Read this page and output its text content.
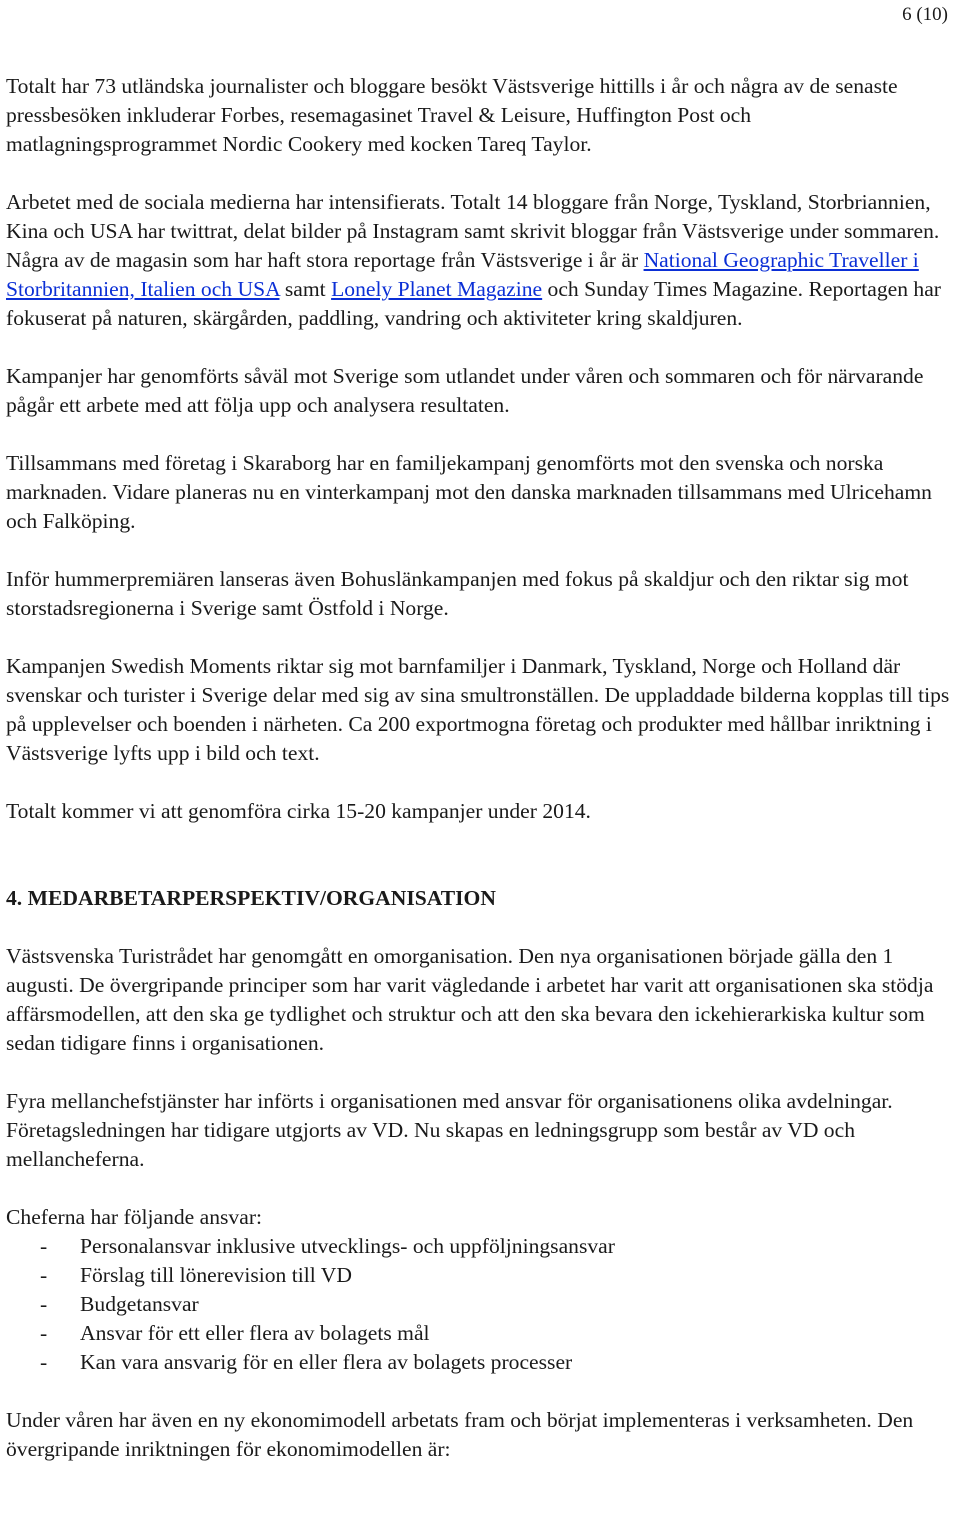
6 (10)

Totalt har 73 utländska journalister och bloggare besökt Västsverige hittills i år och några av de senaste pressbesöken inkluderar Forbes, resemagasinet Travel & Leisure, Huffington Post och matlagningsprogrammet Nordic Cookery med kocken Tareq Taylor.

Arbetet med de sociala medierna har intensifierats. Totalt 14 bloggare från Norge, Tyskland, Storbriannien, Kina och USA har twittrat, delat bilder på Instagram samt skrivit bloggar från Västsverige under sommaren. Några av de magasin som har haft stora reportage från Västsverige i år är National Geographic Traveller i Storbritannien, Italien och USA samt Lonely Planet Magazine och Sunday Times Magazine. Reportagen har fokuserat på naturen, skärgården, paddling, vandring och aktiviteter kring skaldjuren.

Kampanjer har genomförts såväl mot Sverige som utlandet under våren och sommaren och för närvarande pågår ett arbete med att följa upp och analysera resultaten.

Tillsammans med företag i Skaraborg har en familjekampanj genomförts mot den svenska och norska marknaden. Vidare planeras nu en vinterkampanj mot den danska marknaden tillsammans med Ulricehamn och Falköping.

Inför hummerpremiären lanseras även Bohuslänkampanjen med fokus på skaldjur och den riktar sig mot storstadsregionerna i Sverige samt Östfold i Norge.

Kampanjen Swedish Moments riktar sig mot barnfamiljer i Danmark, Tyskland, Norge och Holland där svenskar och turister i Sverige delar med sig av sina smultronställen. De uppladdade bilderna kopplas till tips på upplevelser och boenden i närheten. Ca 200 exportmogna företag och produkter med hållbar inriktning i Västsverige lyfts upp i bild och text.

Totalt kommer vi att genomföra cirka 15-20 kampanjer under 2014.

4. MEDARBETARPERSPEKTIV/ORGANISATION

Västsvenska Turistrådet har genomgått en omorganisation. Den nya organisationen började gälla den 1 augusti. De övergripande principer som har varit vägledande i arbetet har varit att organisationen ska stödja affärsmodellen, att den ska ge tydlighet och struktur och att den ska bevara den ickehierarkiska kultur som sedan tidigare finns i organisationen.

Fyra mellanchefstjänster har införts i organisationen med ansvar för organisationens olika avdelningar. Företagsledningen har tidigare utgjorts av VD. Nu skapas en ledningsgrupp som består av VD och mellancheferna.

Cheferna har följande ansvar:

-	Personalansvar inklusive utvecklings- och uppföljningsansvar
-	Förslag till lönerevision till VD
-	Budgetansvar
-	Ansvar för ett eller flera av bolagets mål
-	Kan vara ansvarig för en eller flera av bolagets processer

Under våren har även en ny ekonomimodell arbetats fram och börjat implementeras i verksamheten. Den övergripande inriktningen för ekonomimodellen är:
